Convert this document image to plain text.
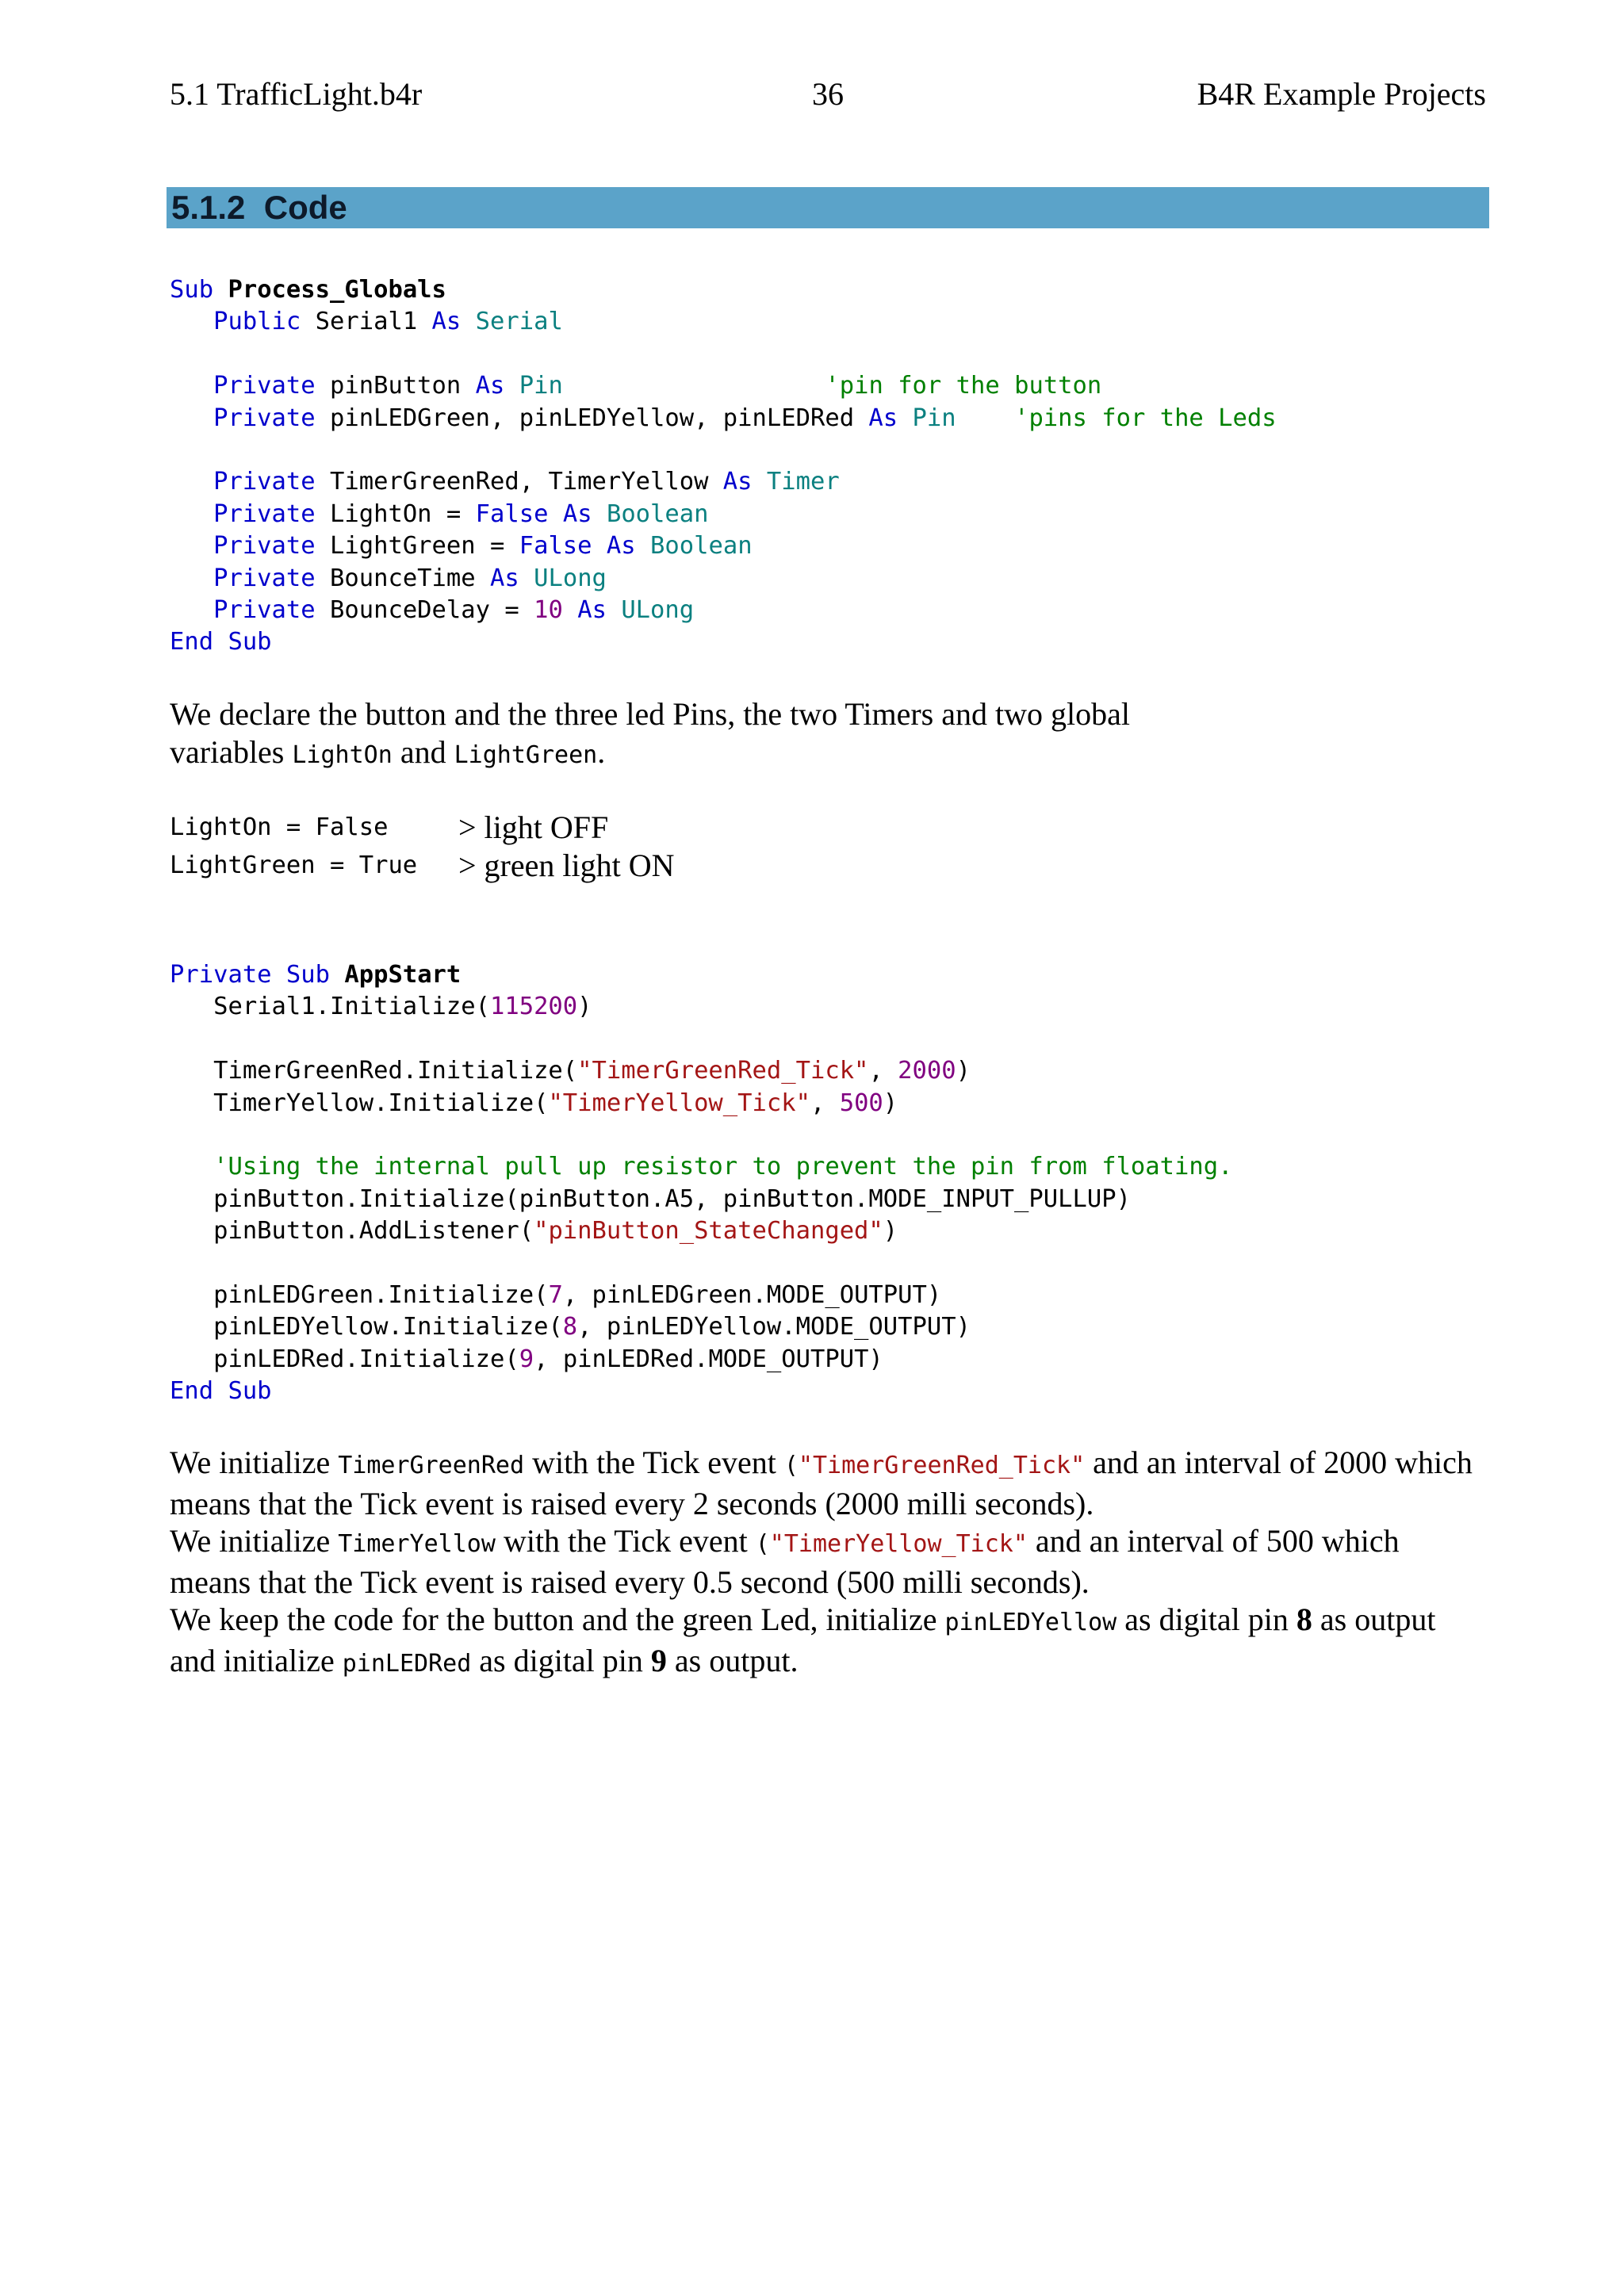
5.1 TrafficLight.b4r	36	B4R Example Projects
5.1.2 Code
Sub Process_Globals
Public Serial1 As Serial

Private pinButton As Pin	'pin for the button
Private pinLEDGreen, pinLEDYellow, pinLEDRed As Pin 'pins for the Leds

Private TimerGreenRed, TimerYellow As Timer
Private LightOn = False As Boolean
Private LightGreen = False As Boolean
Private BounceTime As ULong
Private BounceDelay = 10 As ULong
End Sub
We declare the button and the three led Pins, the two Timers and two global
variables LightOn and LightGreen.
LightOn = False > light OFF
LightGreen = True > green light ON
Private Sub AppStart
Serial1.Initialize(115200)

TimerGreenRed.Initialize("TimerGreenRed_Tick", 2000)
TimerYellow.Initialize("TimerYellow_Tick", 500)

'Using the internal pull up resistor to prevent the pin from floating.
pinButton.Initialize(pinButton.A5, pinButton.MODE_INPUT_PULLUP)
pinButton.AddListener("pinButton_StateChanged")

pinLEDGreen.Initialize(7, pinLEDGreen.MODE_OUTPUT)
pinLEDYellow.Initialize(8, pinLEDYellow.MODE_OUTPUT)
pinLEDRed.Initialize(9, pinLEDRed.MODE_OUTPUT)
End Sub
We initialize TimerGreenRed with the Tick event ("TimerGreenRed_Tick" and an interval of 2000 which means that the Tick event is raised every 2 seconds (2000 milli seconds).
We initialize TimerYellow with the Tick event ("TimerYellow_Tick" and an interval of 500 which means that the Tick event is raised every 0.5 second (500 milli seconds).
We keep the code for the button and the green Led, initialize pinLEDYellow as digital pin 8 as output and initialize pinLEDRed as digital pin 9 as output.
